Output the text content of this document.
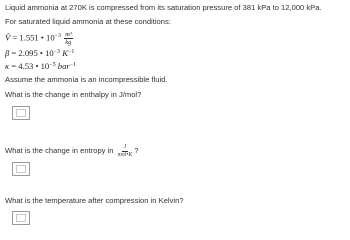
Liquid ammonia at 270K is compressed from its saturation pressure of 381 kPa to 12,000 kPa.
For saturated liquid ammonia at these conditions:
V̂ = 1.551 • $10^{-3} \frac{\text{m³}}{kg}$
β = 2.095 • $10^{-3}$ $K^{-1}$
κ = 4.53 • $10^{-5}$ bar$^{-1}$
Assume the ammonia is an incompressible fluid.
What is the change in enthalpy in J/mol?
What is the change in entropy in $\frac{J}{\text{mol•K}}$ ?
What is the temperature after compression in Kelvin?
